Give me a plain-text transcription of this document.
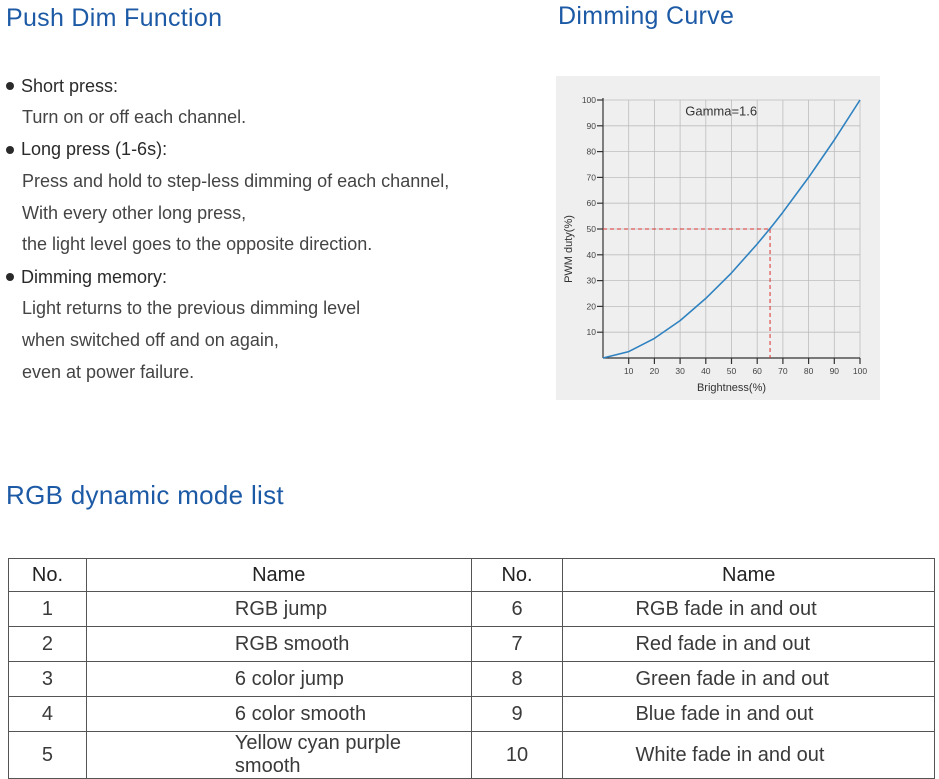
Push Dim Function	Dimming Curve
Short press:
Turn on or off each channel.
Long press (1-6s):
Press and hold to step-less dimming of each channel,
With every other long press,
the light level goes to the opposite direction.
Dimming memory:
Light returns to the previous dimming level
when switched off and on again,
even at power failure.
10
20
30
40
50
60
70
80
90
100
10 20 30 40 50 60 70 80 90 100
Brightness(%)
PWM duty(%)
Gamma=1.6
RGB dynamic mode list
No.	Name	No.	Name
1	RGB jump	6	RGB fade in and out
2	RGB smooth	7	Red fade in and out
3	6 color jump	8	Green fade in and out
4	6 color smooth	9	Blue fade in and out
5	Yellow cyan purple smooth	10	White fade in and out
